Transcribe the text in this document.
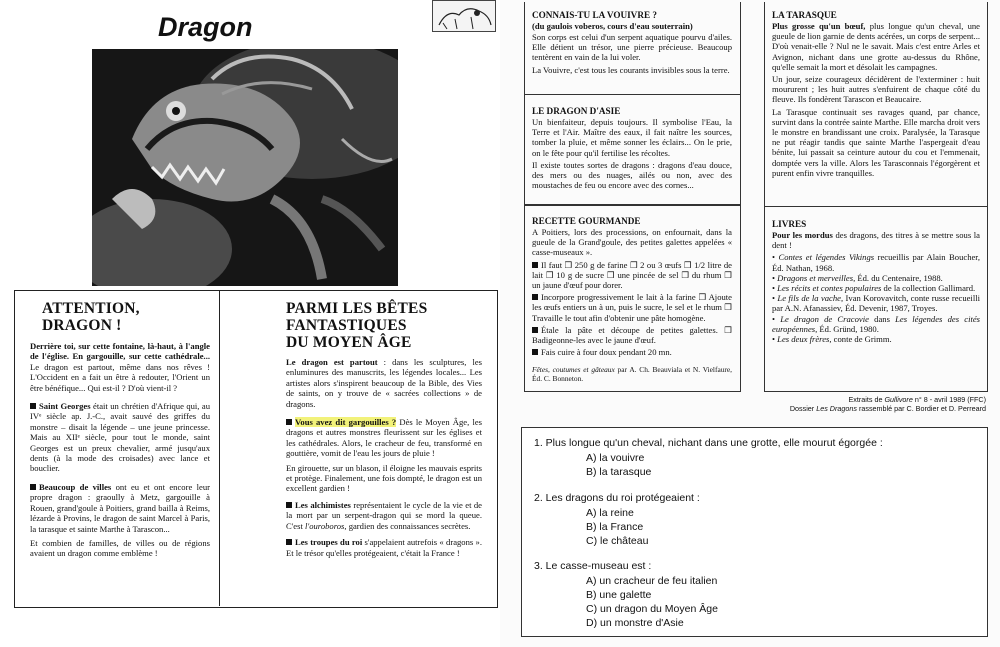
Dragon
ATTENTION,
DRAGON !

Derrière toi, sur cette fontaine, là-haut, à l'angle de l'église. En gargouille, sur cette cathédrale... Le dragon est partout, même dans nos rêves ! L'Occident en a fait un être à redouter, l'Orient un être bénéfique... Qui est-il ? D'où vient-il ?

Saint Georges était un chrétien d'Afrique qui, au IVᵉ siècle ap. J.-C., avait sauvé des griffes du monstre – disait la légende – une jeune princesse. Mais au XIIᵉ siècle, pour tout le monde, saint Georges est un preux chevalier, armé jusqu'aux dents (à la mode des croisades) avec lance et bouclier.

Beaucoup de villes ont eu et ont encore leur propre dragon : graoully à Metz, gargouille à Rouen, grand'goule à Poitiers, grand bailla à Reims, lézarde à Provins, le dragon de saint Marcel à Paris, la tarasque et sainte Marthe à Tarascon...

Et combien de familles, de villes ou de régions avaient un dragon comme emblème !

PARMI LES BÊTES
FANTASTIQUES
DU MOYEN ÂGE

Le dragon est partout : dans les sculptures, les enluminures des manuscrits, les légendes locales... Les artistes alors s'inspirent beaucoup de la Bible, des Vies de saints, on y trouve de « sacrées collections » de dragons.

Vous avez dit gargouilles ? Dès le Moyen Âge, les dragons et autres monstres fleurissent sur les églises et les cathédrales. Alors, le cracheur de feu, transformé en gouttière, vomit de l'eau les jours de pluie !

En girouette, sur un blason, il éloigne les mauvais esprits et protège. Finalement, une fois dompté, le dragon est un excellent gardien !

Les alchimistes représentaient le cycle de la vie et de la mort par un serpent-dragon qui se mord la queue. C'est l'ouroboros, gardien des connaissances secrètes.

Les troupes du roi s'appelaient autrefois « dragons ». Et le trésor qu'elles protégeaient, c'était la France !

CONNAIS-TU LA VOUIVRE ?
(du gaulois voberos, cours d'eau souterrain)

Son corps est celui d'un serpent aquatique pourvu d'ailes. Elle détient un trésor, une pierre précieuse. Beaucoup tentèrent en vain de la lui voler.

La Vouivre, c'est tous les courants invisibles sous la terre.

LE DRAGON D'ASIE

Un bienfaiteur, depuis toujours. Il symbolise l'Eau, la Terre et l'Air. Maître des eaux, il fait naître les sources, tomber la pluie, et même sonner les éclairs... On le prie, on le fête pour qu'il fertilise les récoltes.

Il existe toutes sortes de dragons : dragons d'eau douce, des mers ou des nuages, ailés ou non, avec des moustaches de feu ou encore avec des cornes...

RECETTE GOURMANDE

A Poitiers, lors des processions, on enfournait, dans la gueule de la Grand'goule, des petites galettes appelées « casse-museaux ».

Il faut ❒ 250 g de farine ❒ 2 ou 3 œufs ❒ 1/2 litre de lait ❒ 10 g de sucre ❒ une pincée de sel ❒ du rhum ❒ un jaune d'œuf pour dorer.

Incorpore progressivement le lait à la farine ❒ Ajoute les œufs entiers un à un, puis le sucre, le sel et le rhum ❒ Travaille le tout afin d'obtenir une pâte homogène.

Étale la pâte et découpe de petites galettes. ❒ Badigeonne-les avec le jaune d'œuf.

Fais cuire à four doux pendant 20 mn.

Fêtes, coutumes et gâteaux par A. Ch. Beauviala et N. Vielfaure, Éd. C. Bonneton.

LA TARASQUE

Plus grosse qu'un bœuf, plus longue qu'un cheval, une gueule de lion garnie de dents acérées, un corps de serpent... D'où venait-elle ? Nul ne le savait. Mais c'est entre Arles et Avignon, nichant dans une grotte au-dessus du Rhône, qu'elle semait la mort et désolait les campagnes.

Un jour, seize courageux décidèrent de l'exterminer : huit moururent ; les huit autres s'enfuirent de chaque côté du fleuve. Ils fondèrent Tarascon et Beaucaire.

La Tarasque continuait ses ravages quand, par chance, survint dans la contrée sainte Marthe. Elle marcha droit vers le monstre en brandissant une croix. Paralysée, la Tarasque ne put réagir tandis que sainte Marthe l'aspergeait d'eau bénite, lui passait sa ceinture autour du cou et l'emmenait, domptée vers la ville. Alors les Tarasconnais l'égorgèrent et purent enfin vivre tranquilles.

LIVRES

Pour les mordus des dragons, des titres à se mettre sous la dent !

• Contes et légendes Vikings recueillis par Alain Boucher, Éd. Nathan, 1968.
• Dragons et merveilles, Éd. du Centenaire, 1988.
• Les récits et contes populaires de la collection Gallimard.
• Le fils de la vache, Ivan Korovavitch, conte russe recueilli par A.N. Afanassiev, Éd. Devenir, 1987, Troyes.
• Le dragon de Cracovie dans Les légendes des cités européennes, Éd. Gründ, 1980.
• Les deux frères, conte de Grimm.
Extraits de Gullivore n° 8 - avril 1989 (FFC)
Dossier Les Dragons rassemblé par C. Bordier et D. Perreard
1. Plus longue qu'un cheval, nichant dans une grotte, elle mourut égorgée :
A) la vouivre
B) la tarasque
2. Les dragons du roi protégeaient :
A) la reine
B) la France
C) le château
3. Le casse-museau est :
A) un cracheur de feu italien
B) une galette
C) un dragon du Moyen Âge
D) un monstre d'Asie
